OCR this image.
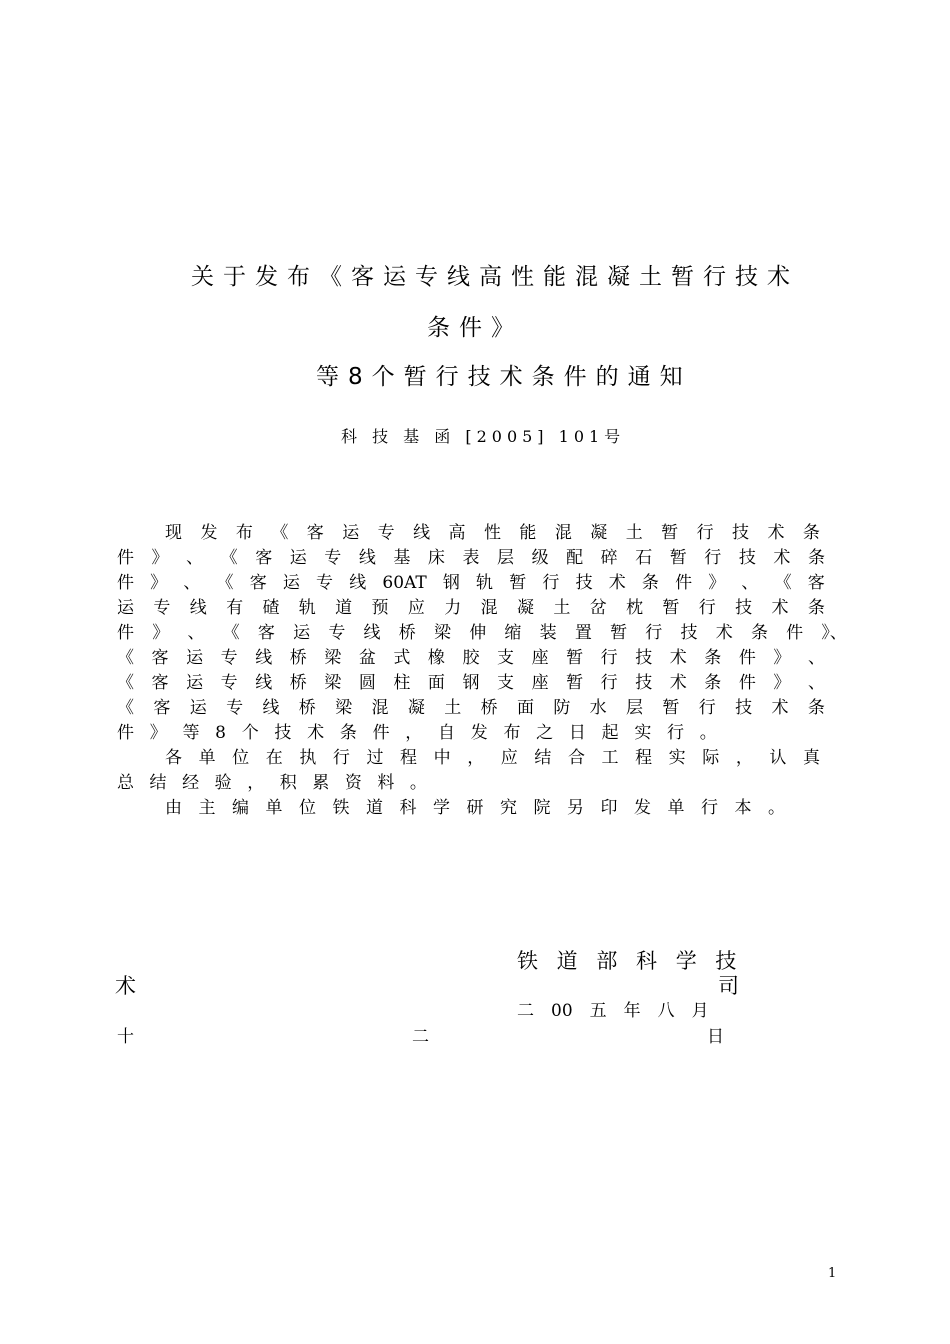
关于发布《客运专线高性能混凝土暂行技术
条件》
等8个暂行技术条件的通知
科 技 基 函 [2005] 101号
现 发 布 《 客 运 专 线 高 性 能 混 凝 土 暂 行 技 术 条
件 》 、 《 客 运 专 线 基 床 表 层 级 配 碎 石 暂 行 技 术 条
件 》 、 《 客 运 专 线 60AT 钢 轨 暂 行 技 术 条 件 》 、 《 客
运 专 线 有 碴 轨 道 预 应 力 混 凝 土 岔 枕 暂 行 技 术 条
件 》 、 《 客 运 专 线 桥 梁 伸 缩 装 置 暂 行 技 术 条 件 》、
《 客 运 专 线 桥 梁 盆 式 橡 胶 支 座 暂 行 技 术 条 件 》 、
《 客 运 专 线 桥 梁 圆 柱 面 钢 支 座 暂 行 技 术 条 件 》 、
《 客 运 专 线 桥 梁 混 凝 土 桥 面 防 水 层 暂 行 技 术 条
件 》 等 8 个 技 术 条 件 ， 自 发 布 之 日 起 实 行 。
各 单 位 在 执 行 过 程 中 ， 应 结 合 工 程 实 际 ， 认 真
总 结 经 验 ， 积 累 资 料 。
由 主 编 单 位 铁 道 科 学 研 究 院 另 印 发 单 行 本 。
铁 道 部 科 学 技
术	司
二　00　五　年　八　月
十	二	日
1
